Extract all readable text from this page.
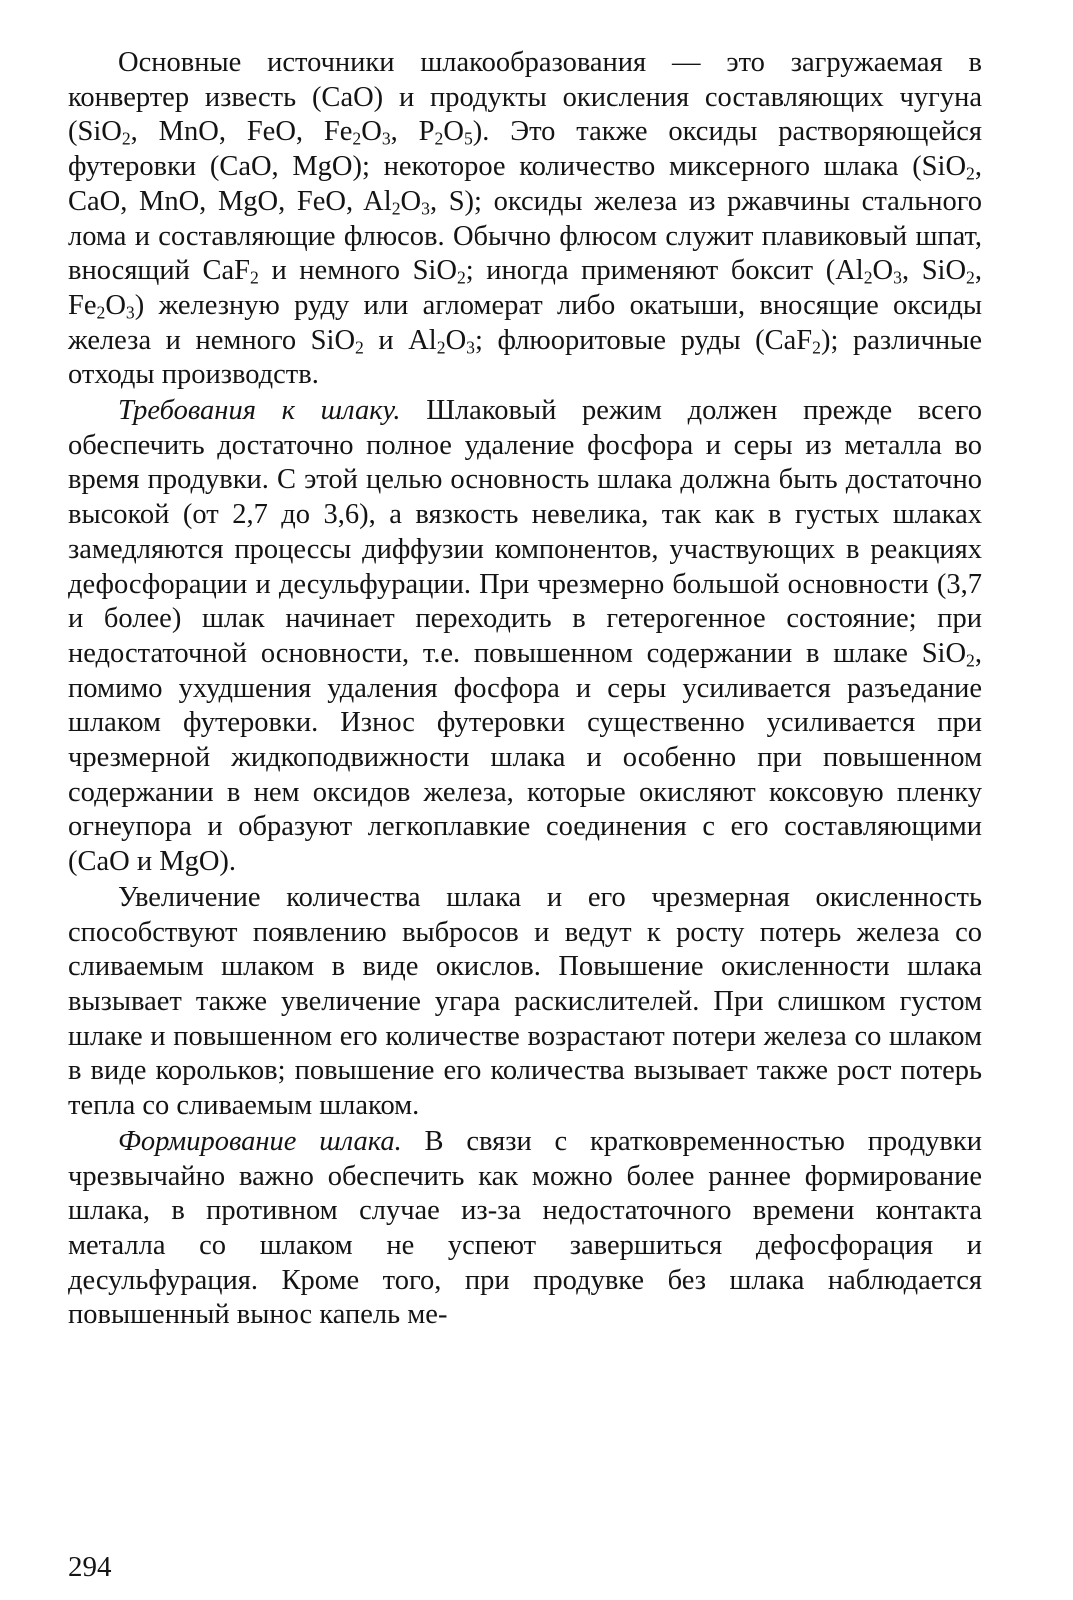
Основные источники шлакообразования — это загружаемая в конвертер известь (CaO) и продукты окисления составляющих чугуна (SiO$_2$, MnO, FeO, $Fe_2O_3$, $P_2O_5$). Это также оксиды растворяющейся футеровки (CaO, MgO); некоторое количество миксерного шлака (SiO$_2$, CaO, MnO, MgO, FeO, $Al_2O_3$, S); оксиды железа из ржавчины стального лома и составляющие флюсов. Обычно флюсом служит плавиковый шпат, вносящий CaF$_2$ и немного SiO$_2$; иногда применяют боксит ($Al_2O_3$, SiO$_2$, $Fe_2O_3$) железную руду или агломерат либо окатыши, вносящие оксиды железа и немного SiO$_2$ и $Al_2O_3$; флюоритовые руды (CaF$_2$); различные отходы производств.

Требования к шлаку. Шлаковый режим должен прежде всего обеспечить достаточно полное удаление фосфора и серы из металла во время продувки. С этой целью основность шлака должна быть достаточно высокой (от 2,7 до 3,6), а вязкость невелика, так как в густых шлаках замедляются процессы диффузии компонентов, участвующих в реакциях дефосфорации и десульфурации. При чрезмерно большой основности (3,7 и более) шлак начинает переходить в гетерогенное состояние; при недостаточной основности, т.е. повышенном содержании в шлаке SiO$_2$, помимо ухудшения удаления фосфора и серы усиливается разъедание шлаком футеровки. Износ футеровки существенно усиливается при чрезмерной жидкоподвижности шлака и особенно при повышенном содержании в нем оксидов железа, которые окисляют коксовую пленку огнеупора и образуют легкоплавкие соединения с его составляющими (CaO и MgO).

Увеличение количества шлака и его чрезмерная окисленность способствуют появлению выбросов и ведут к росту потерь железа со сливаемым шлаком в виде окислов. Повышение окисленности шлака вызывает также увеличение угара раскислителей. При слишком густом шлаке и повышенном его количестве возрастают потери железа со шлаком в виде корольков; повышение его количества вызывает также рост потерь тепла со сливаемым шлаком.

Формирование шлака. В связи с кратковременностью продувки чрезвычайно важно обеспечить как можно более раннее формирование шлака, в противном случае из-за недостаточного времени контакта металла со шлаком не успеют завершиться дефосфорация и десульфурация. Кроме того, при продувке без шлака наблюдается повышенный вынос капель ме-

294
